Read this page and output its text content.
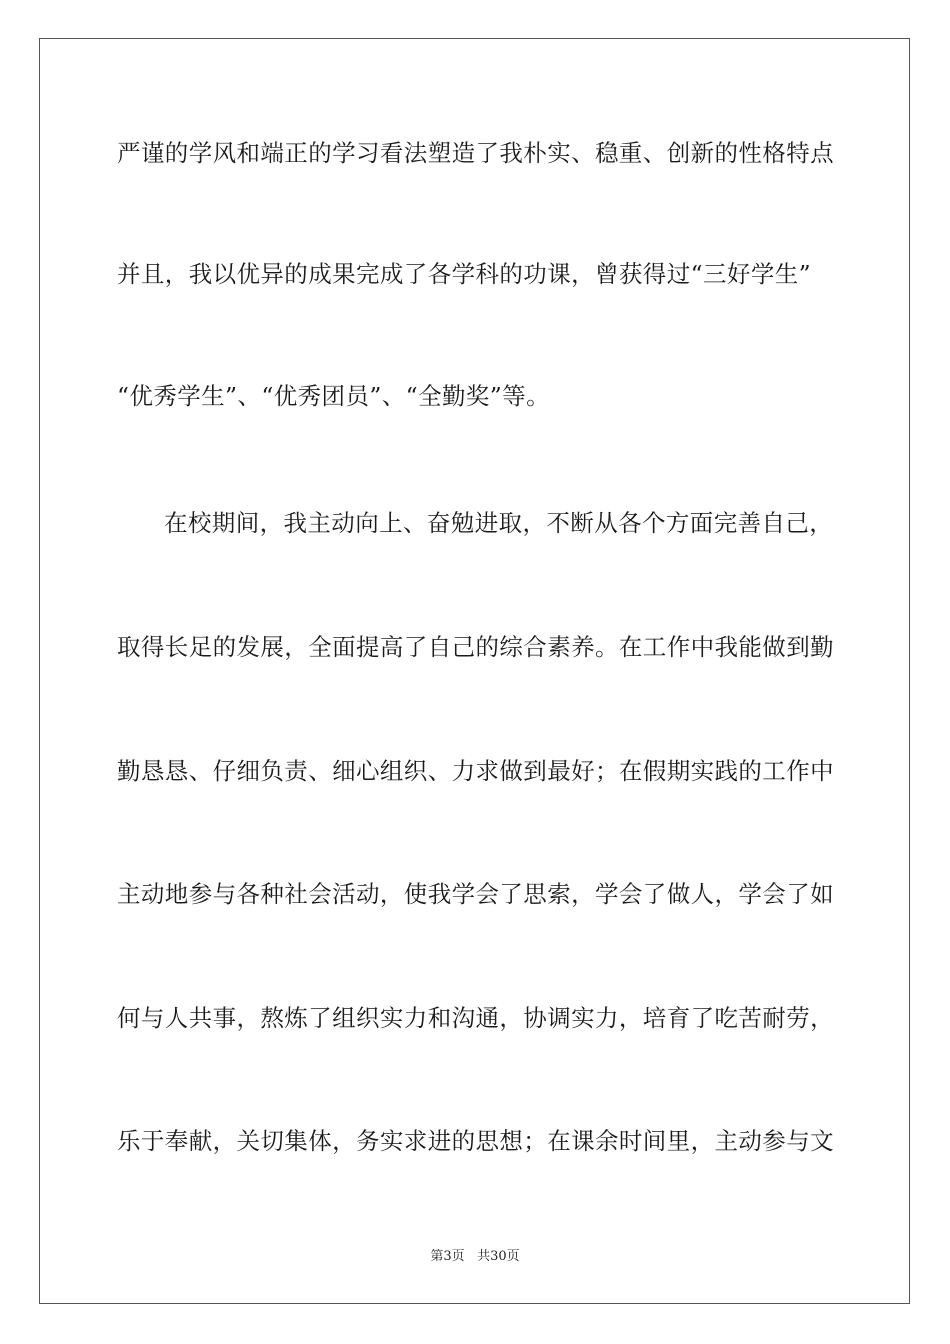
严谨的学风和端正的学习看法塑造了我朴实、稳重、创新的性格特点
并且，我以优异的成果完成了各学科的功课，曾获得过“三好学生”
“优秀学生”、“优秀团员”、“全勤奖”等。
在校期间，我主动向上、奋勉进取，不断从各个方面完善自己，
取得长足的发展，全面提高了自己的综合素养。在工作中我能做到勤
勤恳恳、仔细负责、细心组织、力求做到最好；在假期实践的工作中
主动地参与各种社会活动，使我学会了思索，学会了做人，学会了如
何与人共事，熬炼了组织实力和沟通，协调实力，培育了吃苦耐劳，
乐于奉献，关切集体，务实求进的思想；在课余时间里，主动参与文
第3页 共30页
